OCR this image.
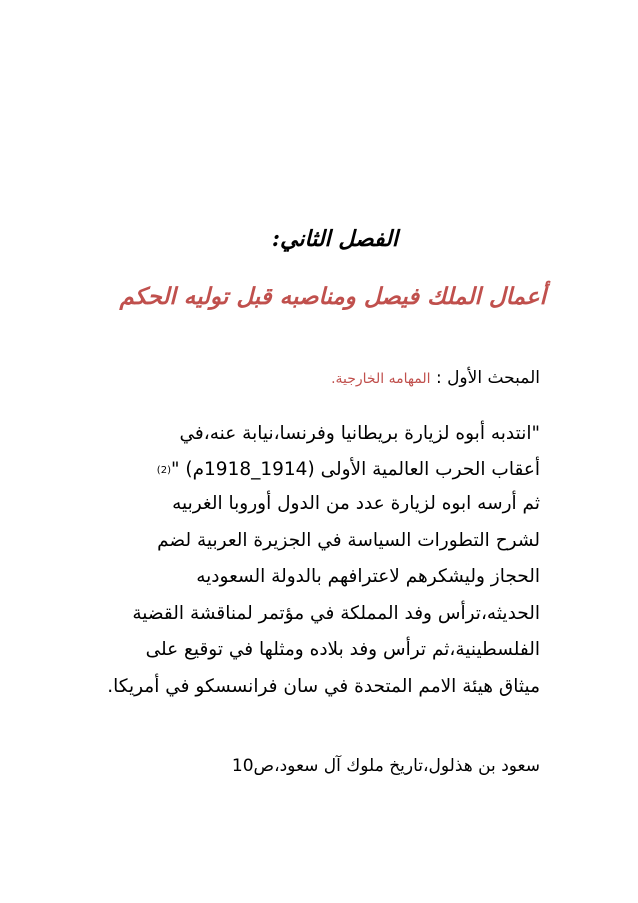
الفصل الثاني:
أعمال الملك فيصل ومناصبه قبل توليه الحكم
المبحث الأول : المهامه الخارجية.
"انتدبه أبوه لزيارة بريطانيا وفرنسا،نيابة عنه،في
أعقاب الحرب العالمية الأولى (1914_1918م) "(2)
ثم أرسه ابوه لزيارة عدد من الدول أوروبا الغربيه
لشرح التطورات السياسة في الجزيرة العربية لضم
الحجاز وليشكرهم لاعترافهم بالدولة السعوديه
الحديثه،ترأس وفد المملكة في مؤتمر لمناقشة القضية
الفلسطينية،ثم ترأس وفد بلاده ومثلها في توقيع على
ميثاق هيئة الامم المتحدة في سان فرانسسكو في أمريكا.
سعود بن هذلول،تاريخ ملوك آل سعود،ص10
